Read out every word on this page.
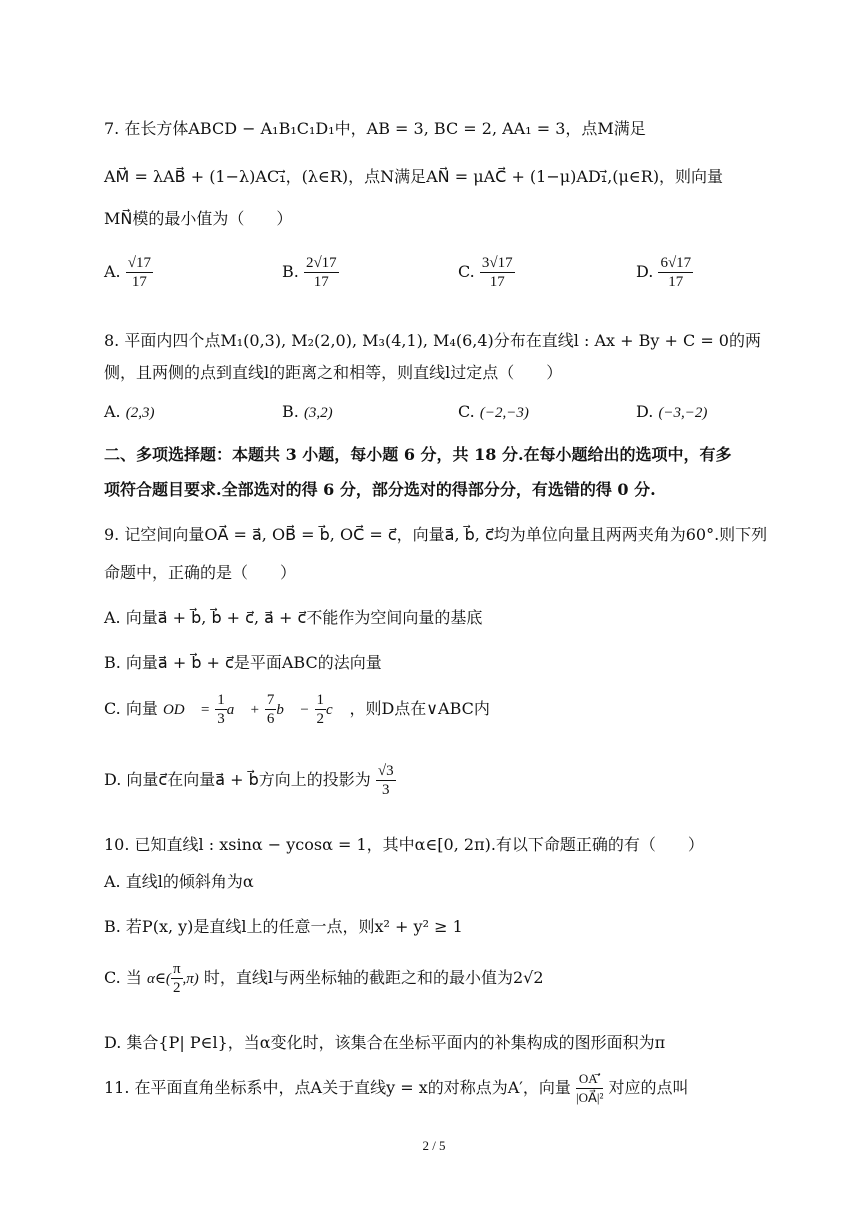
7. 在长方体ABCD − A₁B₁C₁D₁中，AB = 3, BC = 2, AA₁ = 3，点M满足
AM⃗ = λAB⃗ + (1−λ)AC₁⃗，(λ∈R)，点N满足AN⃗ = μAC⃗ + (1−μ)AD₁⃗,(μ∈R)，则向量
MN⃗模的最小值为（　　）
A. $\frac{√17}{17}$	B. $\frac{2√17}{17}$	C. $\frac{3√17}{17}$	D. $\frac{6√17}{17}$
8. 平面内四个点M₁(0,3), M₂(2,0), M₃(4,1), M₄(6,4)分布在直线l : Ax + By + C = 0的两
侧，且两侧的点到直线l的距离之和相等，则直线l过定点（　　）
A. (2,3)	B. (3,2)	C. (−2,−3)	D. (−3,−2)
二、多项选择题：本题共 3 小题，每小题 6 分，共 18 分.在每小题给出的选项中，有多
项符合题目要求.全部选对的得 6 分，部分选对的得部分分，有选错的得 0 分.
9. 记空间向量OA⃗ = a⃗, OB⃗ = b⃗, OC⃗ = c⃗，向量a⃗, b⃗, c⃗均为单位向量且两两夹角为60°.则下列
命题中，正确的是（　　）
A. 向量a⃗ + b⃗, b⃗ + c⃗, a⃗ + c⃗不能作为空间向量的基底
B. 向量a⃗ + b⃗ + c⃗是平面ABC的法向量
C. 向量 OD⃗ = $\frac{1}{3}$ a⃗ + $\frac{7}{6}$ b⃗ − $\frac{1}{2}$ c⃗ ，则D点在∨ABC内
D. 向量c⃗在向量a⃗ + b⃗方向上的投影为 $\frac{√3}{3}$
10. 已知直线l : xsinα − ycosα = 1，其中α∈[0, 2π).有以下命题正确的有（　　）
A. 直线l的倾斜角为α
B. 若P(x, y)是直线l上的任意一点，则x² + y² ≥ 1
C. 当 α∈( $\frac{\pi}{2} ,\pi$) 时，直线l与两坐标轴的截距之和的最小值为2√2
D. 集合{P| P∈l}，当α变化时，该集合在坐标平面内的补集构成的图形面积为π
11. 在平面直角坐标系中，点A关于直线y = x的对称点为A′，向量 $\frac{OA'⃗}{\text{|OA⃗|²}}$ 对应的点叫
2 / 5
